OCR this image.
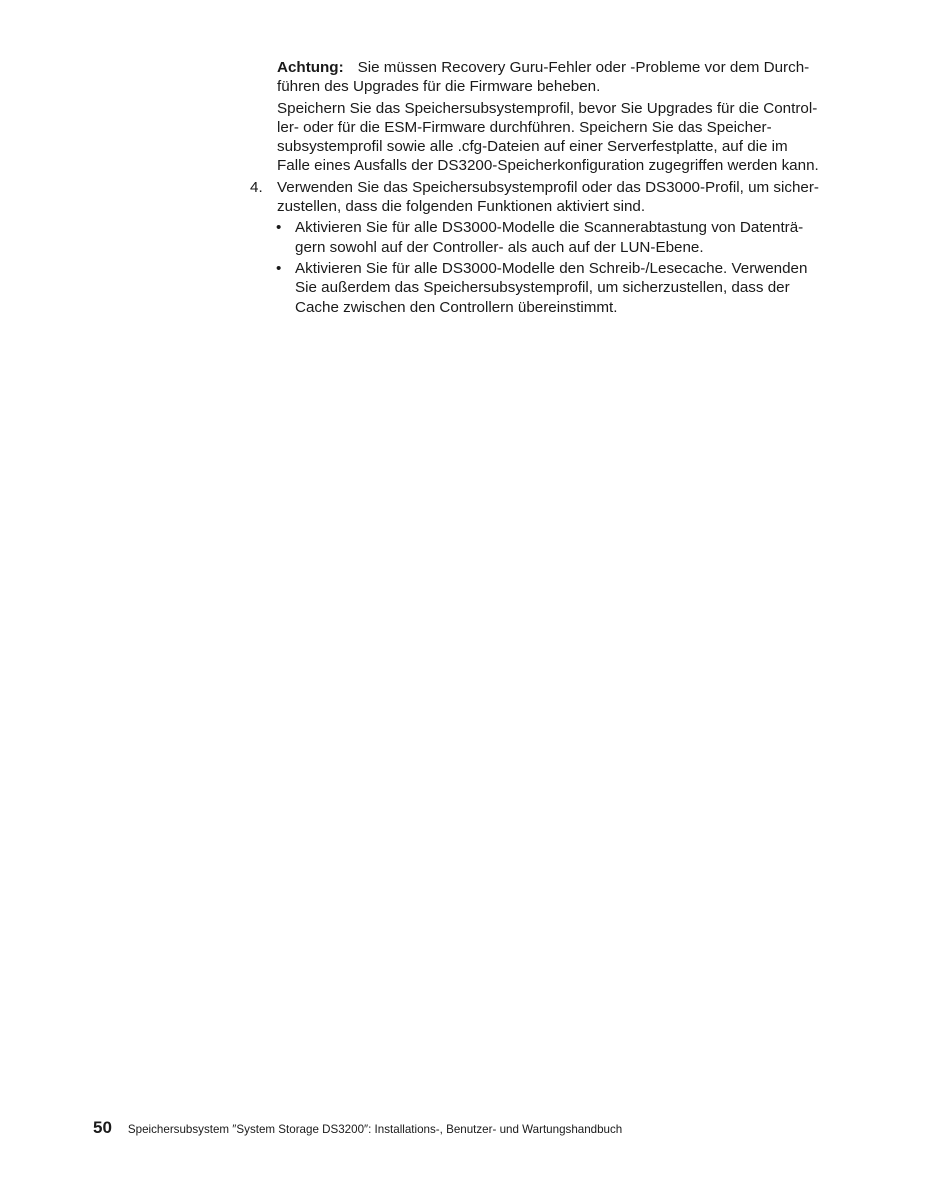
Achtung: Sie müssen Recovery Guru-Fehler oder -Probleme vor dem Durch-
führen des Upgrades für die Firmware beheben.
Speichern Sie das Speichersubsystemprofil, bevor Sie Upgrades für die Control-
ler- oder für die ESM-Firmware durchführen. Speichern Sie das Speicher-
subsystemprofil sowie alle .cfg-Dateien auf einer Serverfestplatte, auf die im
Falle eines Ausfalls der DS3200-Speicherkonfiguration zugegriffen werden kann.
4. Verwenden Sie das Speichersubsystemprofil oder das DS3000-Profil, um sicher-
zustellen, dass die folgenden Funktionen aktiviert sind.
• Aktivieren Sie für alle DS3000-Modelle die Scannerabtastung von Datenträ-
gern sowohl auf der Controller- als auch auf der LUN-Ebene.
• Aktivieren Sie für alle DS3000-Modelle den Schreib-/Lesecache. Verwenden
Sie außerdem das Speichersubsystemprofil, um sicherzustellen, dass der
Cache zwischen den Controllern übereinstimmt.
50 Speichersubsystem ″System Storage DS3200″: Installations-, Benutzer- und Wartungshandbuch
